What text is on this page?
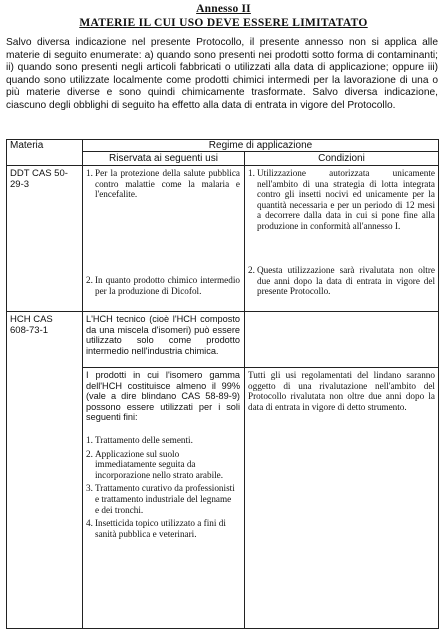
Annesso II
MATERIE IL CUI USO DEVE ESSERE LIMITATATO

Salvo diversa indicazione nel presente Protocollo, il presente annesso non si applica alle materie di seguito enumerate: a) quando sono presenti nei prodotti sotto forma di contaminanti; ii) quando sono presenti negli articoli fabbricati o utilizzati alla data di applicazione; oppure iii) quando sono utilizzate localmente come prodotti chimici intermedi per la lavorazione di una o più materie diverse e sono quindi chimicamente trasformate. Salvo diversa indicazione, ciascuno degli obblighi di seguito ha effetto alla data di entrata in vigore del Protocollo.

Materia	Regime di applicazione
Riservata ai seguenti usi	Condizioni
DDT CAS 50-29-3
1. Per la protezione della salute pubblica contro malattie come la malaria e l'encefalite.
2. In quanto prodotto chimico intermedio per la produzione di Dicofol.
1. Utilizzazione autorizzata unicamente nell'ambito di una strategia di lotta integrata contro gli insetti nocivi ed unicamente per la quantità necessaria e per un periodo di 12 mesi a decorrere dalla data in cui si pone fine alla produzione in conformità all'annesso I.
2. Questa utilizzazione sarà rivalutata non oltre due anni dopo la data di entrata in vigore del presente Protocollo.
HCH CAS 608-73-1
L'HCH tecnico (cioè l'HCH composto da una miscela d'isomeri) può essere utilizzato solo come prodotto intermedio nell'industria chimica.
I prodotti in cui l'isomero gamma dell'HCH costituisce almeno il 99% (vale a dire blindano CAS 58-89-9) possono essere utilizzati per i soli seguenti fini:
1. Trattamento delle sementi.
2. Applicazione sul suolo immediatamente seguita da incorporazione nello strato arabile.
3. Trattamento curativo da professionisti e trattamento industriale del legname e dei tronchi.
4. Insetticida topico utilizzato a fini di sanità pubblica e veterinari.
Tutti gli usi regolamentati del lindano saranno oggetto di una rivalutazione nell'ambito del Protocollo rivalutata non oltre due anni dopo la data di entrata in vigore di detto strumento.
